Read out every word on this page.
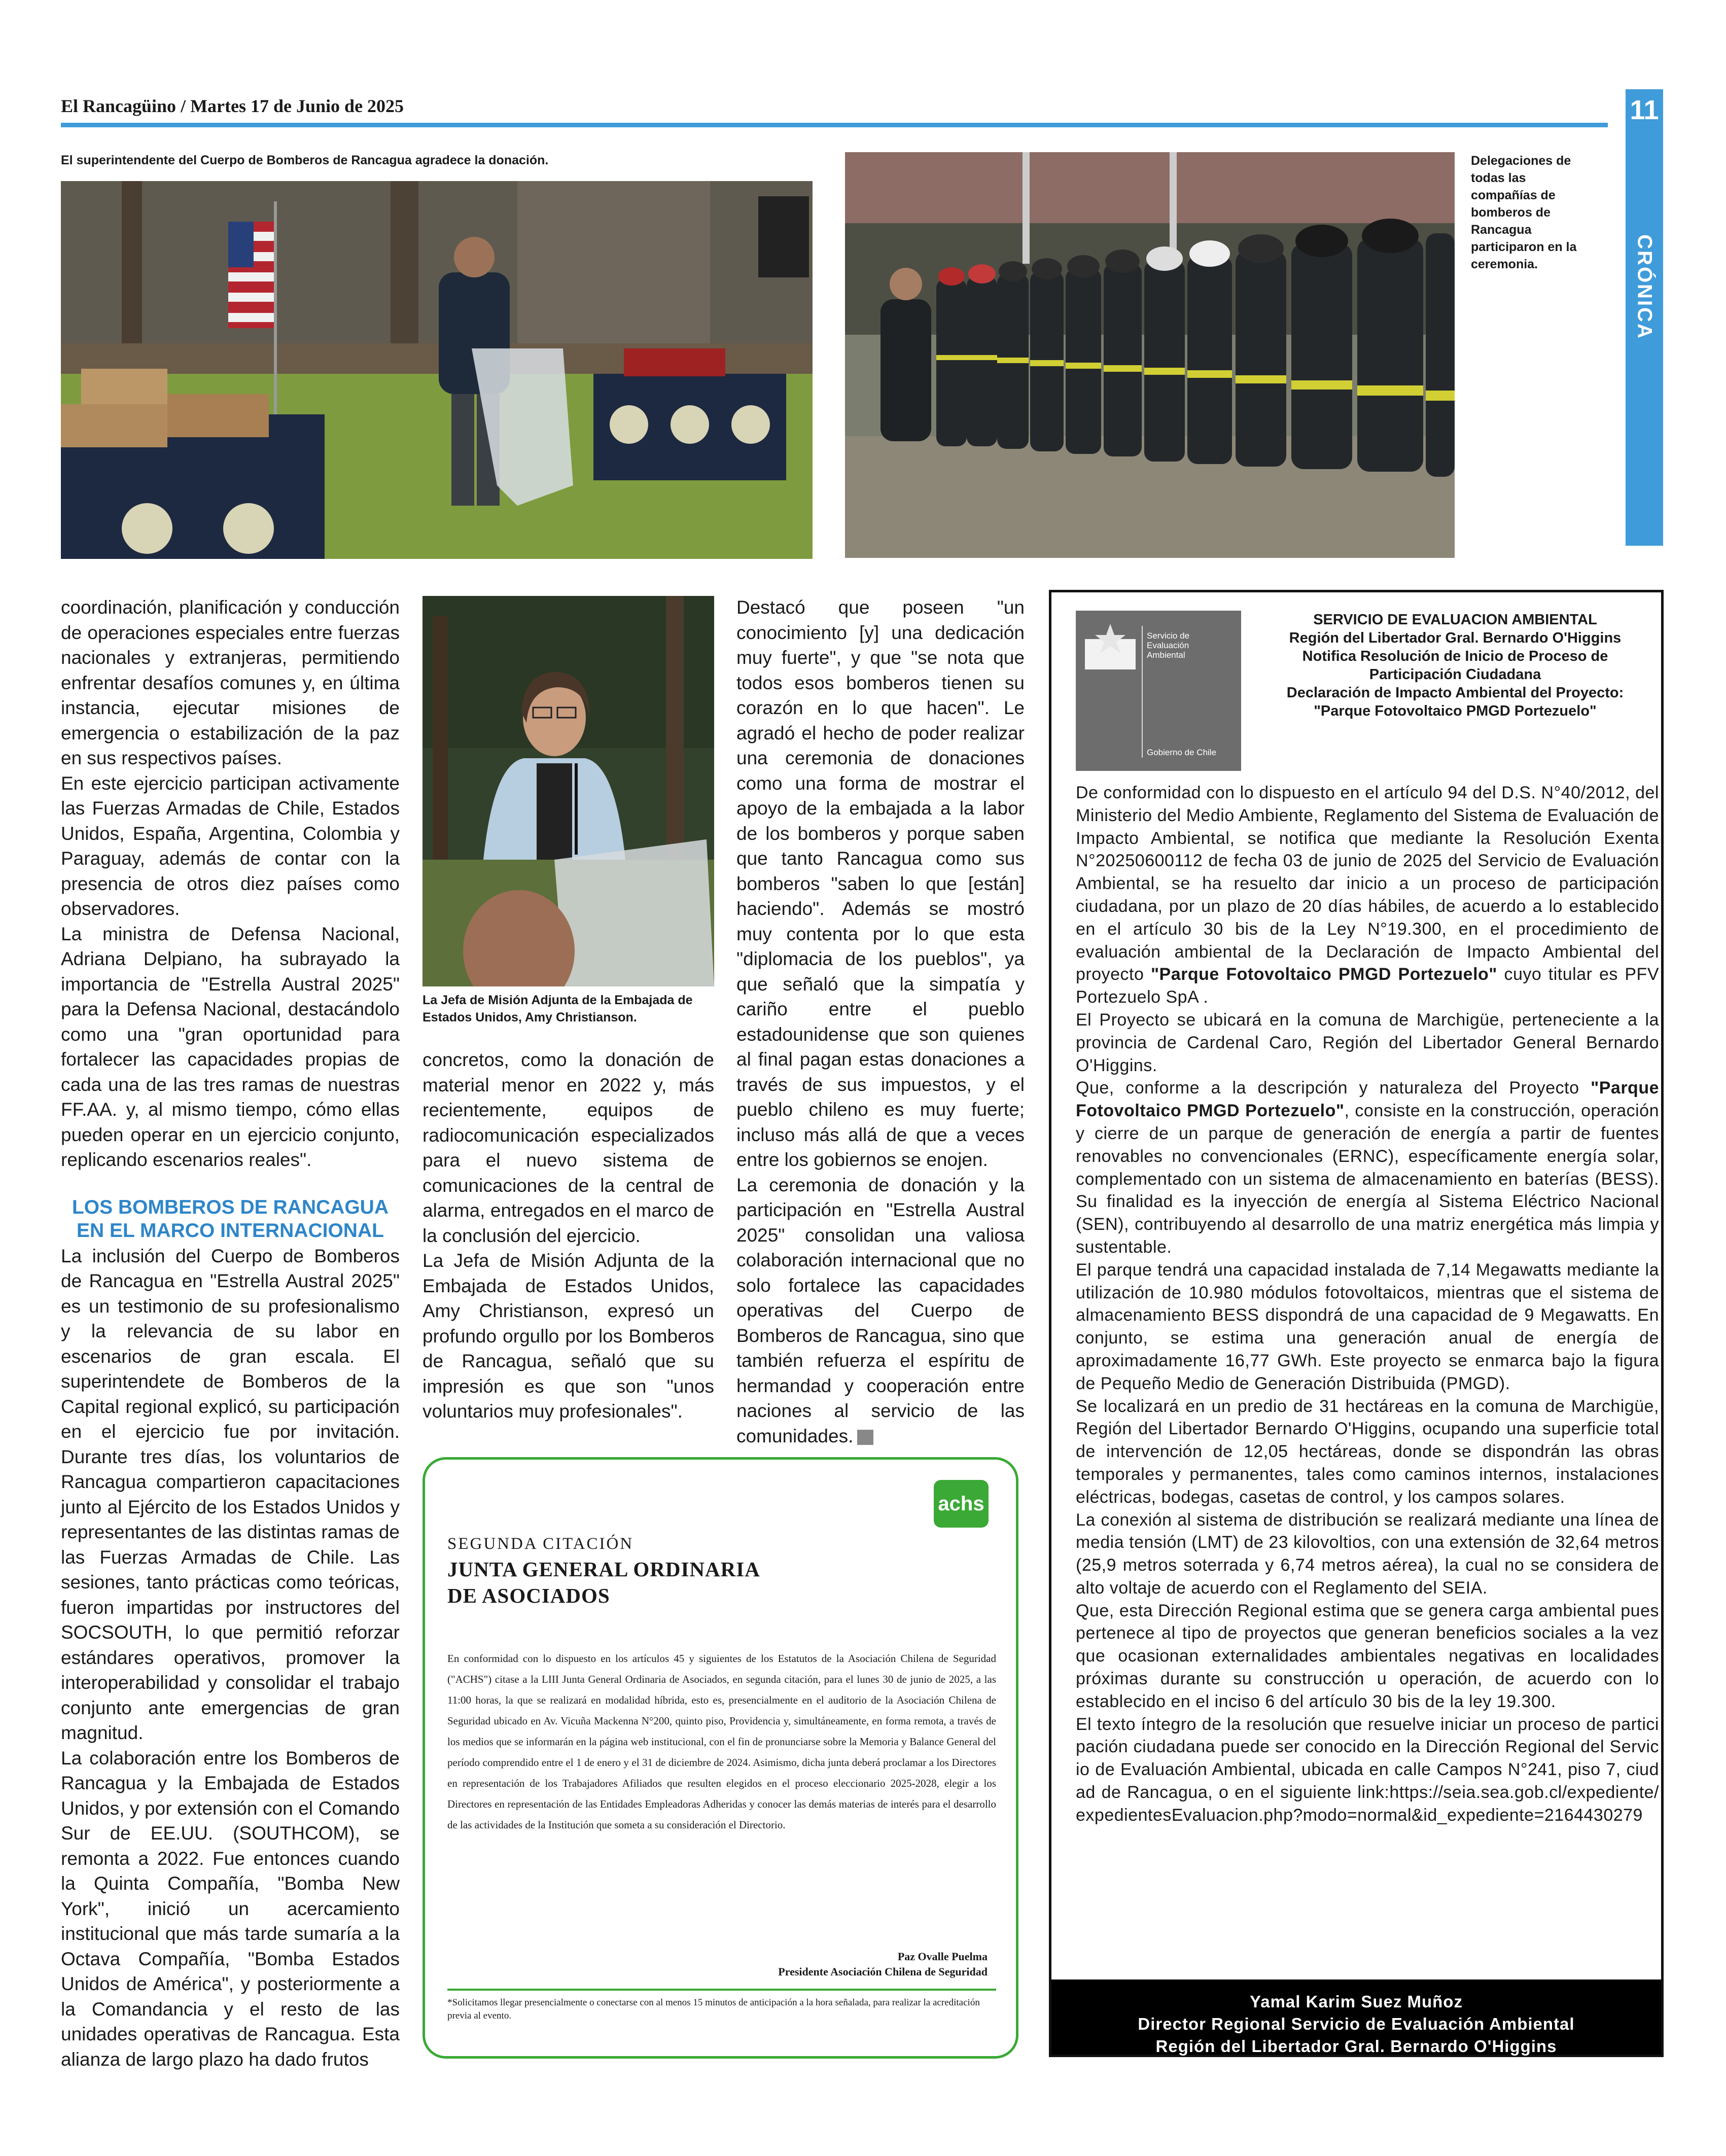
El Rancagüino / Martes 17 de Junio de 2025	11
CRÓNICA
El superintendente del Cuerpo de Bomberos de Rancagua agradece la donación.	Delegaciones de todas las compañías de bomberos de Rancagua participaron en la ceremonia.
La Jefa de Misión Adjunta de la Embajada de Estados Unidos, Amy Christianson.

coordinación, planificación y conducción de operaciones especiales entre fuerzas nacionales y extranjeras, permitiendo enfrentar desafíos comunes y, en última instancia, ejecutar misiones de emergencia o estabilización de la paz en sus respectivos países.

En este ejercicio participan activamente las Fuerzas Armadas de Chile, Estados Unidos, España, Argentina, Colombia y Paraguay, además de contar con la presencia de otros diez países como observadores.

La ministra de Defensa Nacional, Adriana Delpiano, ha subrayado la importancia de "Estrella Austral 2025" para la Defensa Nacional, destacándolo como una "gran oportunidad para fortalecer las capacidades propias de cada una de las tres ramas de nuestras FF.AA. y, al mismo tiempo, cómo ellas pueden operar en un ejercicio conjunto, replicando escenarios reales".

LOS BOMBEROS DE RANCAGUA EN EL MARCO INTERNACIONAL

La inclusión del Cuerpo de Bomberos de Rancagua en "Estrella Austral 2025" es un testimonio de su profesionalismo y la relevancia de su labor en escenarios de gran escala. El superintendete de Bomberos de la Capital regional explicó, su participación en el ejercicio fue por invitación. Durante tres días, los voluntarios de Rancagua compartieron capacitaciones junto al Ejército de los Estados Unidos y representantes de las distintas ramas de las Fuerzas Armadas de Chile. Las sesiones, tanto prácticas como teóricas, fueron impartidas por instructores del SOCSOUTH, lo que permitió reforzar estándares operativos, promover la interoperabilidad y consolidar el trabajo conjunto ante emergencias de gran magnitud.

La colaboración entre los Bomberos de Rancagua y la Embajada de Estados Unidos, y por extensión con el Comando Sur de EE.UU. (SOUTHCOM), se remonta a 2022. Fue entonces cuando la Quinta Compañía, "Bomba New York", inició un acercamiento institucional que más tarde sumaría a la Octava Compañía, "Bomba Estados Unidos de América", y posteriormente a la Comandancia y el resto de las unidades operativas de Rancagua. Esta alianza de largo plazo ha dado frutos

concretos, como la donación de material menor en 2022 y, más recientemente, equipos de radiocomunicación especializados para el nuevo sistema de comunicaciones de la central de alarma, entregados en el marco de la conclusión del ejercicio.

La Jefa de Misión Adjunta de la Embajada de Estados Unidos, Amy Christianson, expresó un profundo orgullo por los Bomberos de Rancagua, señaló que su impresión es que son "unos voluntarios muy profesionales".

Destacó que poseen "un conocimiento [y] una dedicación muy fuerte", y que "se nota que todos esos bomberos tienen su corazón en lo que hacen". Le agradó el hecho de poder realizar una ceremonia de donaciones como una forma de mostrar el apoyo de la embajada a la labor de los bomberos y porque saben que tanto Rancagua como sus bomberos "saben lo que [están] haciendo". Además se mostró muy contenta por lo que esta "diplomacia de los pueblos", ya que señaló que la simpatía y cariño entre el pueblo estadounidense que son quienes al final pagan estas donaciones a través de sus impuestos, y el pueblo chileno es muy fuerte; incluso más allá de que a veces entre los gobiernos se enojen.

La ceremonia de donación y la participación en "Estrella Austral 2025" consolidan una valiosa colaboración internacional que no solo fortalece las capacidades operativas del Cuerpo de Bomberos de Rancagua, sino que también refuerza el espíritu de hermandad y cooperación entre naciones al servicio de las comunidades.

achs
SEGUNDA CITACIÓN
JUNTA GENERAL ORDINARIA
DE ASOCIADOS
En conformidad con lo dispuesto en los artículos 45 y siguientes de los Estatutos de la Asociación Chilena de Seguridad ("ACHS") citase a la LIII Junta General Ordinaria de Asociados, en segunda citación, para el lunes 30 de junio de 2025, a las 11:00 horas, la que se realizará en modalidad híbrida, esto es, presencialmente en el auditorio de la Asociación Chilena de Seguridad ubicado en Av. Vicuña Mackenna N°200, quinto piso, Providencia y, simultáneamente, en forma remota, a través de los medios que se informarán en la página web institucional, con el fin de pronunciarse sobre la Memoria y Balance General del período comprendido entre el 1 de enero y el 31 de diciembre de 2024. Asimismo, dicha junta deberá proclamar a los Directores en representación de los Trabajadores Afiliados que resulten elegidos en el proceso eleccionario 2025-2028, elegir a los Directores en representación de las Entidades Empleadoras Adheridas y conocer las demás materias de interés para el desarrollo de las actividades de la Institución que someta a su consideración el Directorio.
Paz Ovalle Puelma
Presidente Asociación Chilena de Seguridad
*Solicitamos llegar presencialmente o conectarse con al menos 15 minutos de anticipación a la hora señalada, para realizar la acreditación previa al evento.
Servicio de
Evaluación
Ambiental
Gobierno de Chile
SERVICIO DE EVALUACION AMBIENTAL
Región del Libertador Gral. Bernardo O'Higgins
Notifica Resolución de Inicio de Proceso de Participación Ciudadana
Declaración de Impacto Ambiental del Proyecto:
"Parque Fotovoltaico PMGD Portezuelo"

De conformidad con lo dispuesto en el artículo 94 del D.S. N°40/2012, del Ministerio del Medio Ambiente, Reglamento del Sistema de Evaluación de Impacto Ambiental, se notifica que mediante la Resolución Exenta N°20250600112 de fecha 03 de junio de 2025 del Servicio de Evaluación Ambiental, se ha resuelto dar inicio a un proceso de participación ciudadana, por un plazo de 20 días hábiles, de acuerdo a lo establecido en el artículo 30 bis de la Ley N°19.300, en el procedimiento de evaluación ambiental de la Declaración de Impacto Ambiental del proyecto "Parque Fotovoltaico PMGD Portezuelo" cuyo titular es PFV Portezuelo SpA .

El Proyecto se ubicará en la comuna de Marchigüe, perteneciente a la provincia de Cardenal Caro, Región del Libertador General Bernardo O'Higgins.

Que, conforme a la descripción y naturaleza del Proyecto "Parque Fotovoltaico PMGD Portezuelo", consiste en la construcción, operación y cierre de un parque de generación de energía a partir de fuentes renovables no convencionales (ERNC), específicamente energía solar, complementado con un sistema de almacenamiento en baterías (BESS). Su finalidad es la inyección de energía al Sistema Eléctrico Nacional (SEN), contribuyendo al desarrollo de una matriz energética más limpia y sustentable.

El parque tendrá una capacidad instalada de 7,14 Megawatts mediante la utilización de 10.980 módulos fotovoltaicos, mientras que el sistema de almacenamiento BESS dispondrá de una capacidad de 9 Megawatts. En conjunto, se estima una generación anual de energía de aproximadamente 16,77 GWh. Este proyecto se enmarca bajo la figura de Pequeño Medio de Generación Distribuida (PMGD).

Se localizará en un predio de 31 hectáreas en la comuna de Marchigüe, Región del Libertador Bernardo O'Higgins, ocupando una superficie total de intervención de 12,05 hectáreas, donde se dispondrán las obras temporales y permanentes, tales como caminos internos, instalaciones eléctricas, bodegas, casetas de control, y los campos solares.

La conexión al sistema de distribución se realizará mediante una línea de media tensión (LMT) de 23 kilovoltios, con una extensión de 32,64 metros (25,9 metros soterrada y 6,74 metros aérea), la cual no se considera de alto voltaje de acuerdo con el Reglamento del SEIA.

Que, esta Dirección Regional estima que se genera carga ambiental pues pertenece al tipo de proyectos que generan beneficios sociales a la vez que ocasionan externalidades ambientales negativas en localidades próximas durante su construcción u operación, de acuerdo con lo establecido en el inciso 6 del artículo 30 bis de la ley 19.300.

El texto íntegro de la resolución que resuelve iniciar un proceso de participación ciudadana puede ser conocido en la Dirección Regional del Servicio de Evaluación Ambiental, ubicada en calle Campos N°241, piso 7, ciudad de Rancagua, o en el siguiente link:https://seia.sea.gob.cl/expediente/expedientesEvaluacion.php?modo=normal&id_expediente=2164430279

Yamal Karim Suez Muñoz
Director Regional Servicio de Evaluación Ambiental
Región del Libertador Gral. Bernardo O'Higgins
